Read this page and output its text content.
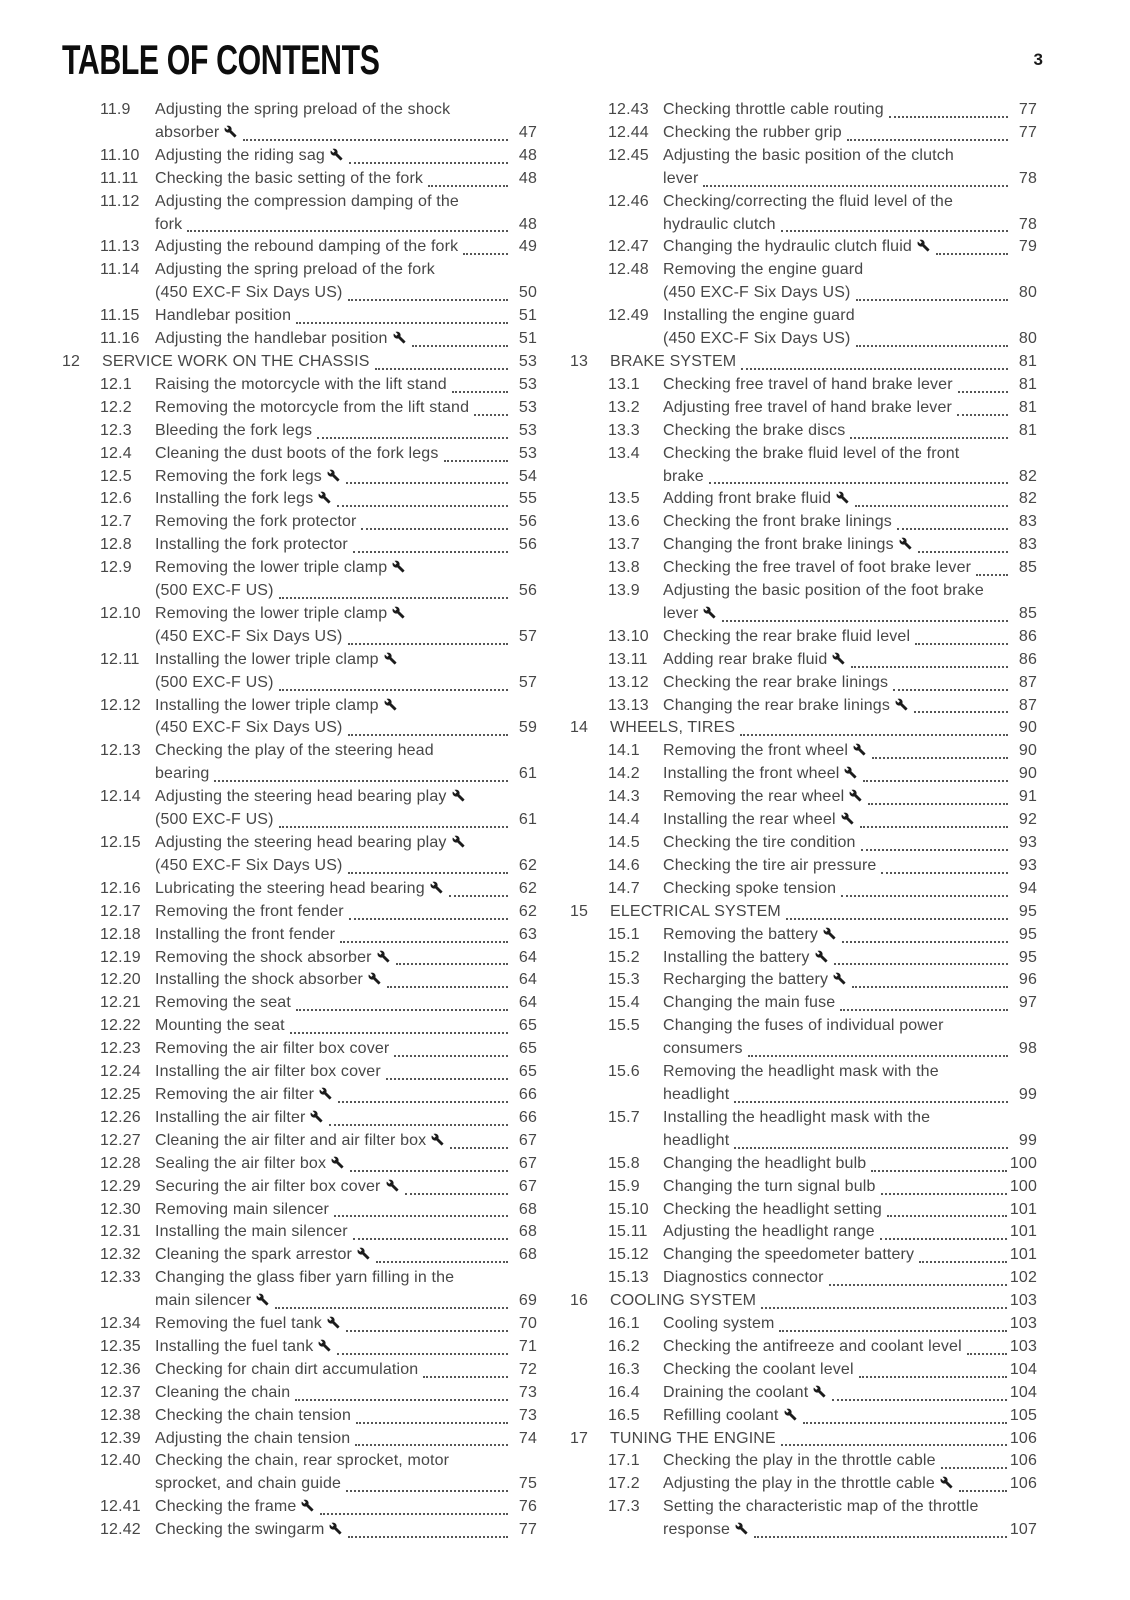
TABLE OF CONTENTS	3
11.9	Adjusting the spring preload of the shock
absorber	47
11.10 Adjusting the riding sag	48
11.11	Checking the basic setting of the fork	48
11.12 Adjusting the compression damping of the
fork	48
11.13 Adjusting the rebound damping of the fork	49
11.14 Adjusting the spring preload of the fork
(450 EXC-F Six Days US)	50
11.15 Handlebar position	51
11.16 Adjusting the handlebar position	51
12	SERVICE WORK ON THE CHASSIS	53
12.1	Raising the motorcycle with the lift stand	53
12.2	Removing the motorcycle from the lift stand	53
12.3	Bleeding the fork legs	53
12.4	Cleaning the dust boots of the fork legs	53
12.5	Removing the fork legs	54
12.6	Installing the fork legs	55
12.7	Removing the fork protector	56
12.8	Installing the fork protector	56
12.9	Removing the lower triple clamp
(500 EXC-F US)	56
12.10 Removing the lower triple clamp
(450 EXC-F Six Days US)	57
12.11 Installing the lower triple clamp
(500 EXC-F US)	57
12.12 Installing the lower triple clamp
(450 EXC-F Six Days US)	59
12.13 Checking the play of the steering head
bearing	61
12.14 Adjusting the steering head bearing play
(500 EXC-F US)	61
12.15 Adjusting the steering head bearing play
(450 EXC-F Six Days US)	62
12.16 Lubricating the steering head bearing	62
12.17 Removing the front fender	62
12.18 Installing the front fender	63
12.19 Removing the shock absorber	64
12.20 Installing the shock absorber	64
12.21 Removing the seat	64
12.22 Mounting the seat	65
12.23 Removing the air filter box cover	65
12.24 Installing the air filter box cover	65
12.25 Removing the air filter	66
12.26 Installing the air filter	66
12.27 Cleaning the air filter and air filter box	67
12.28 Sealing the air filter box	67
12.29 Securing the air filter box cover	67
12.30 Removing main silencer	68
12.31 Installing the main silencer	68
12.32 Cleaning the spark arrestor	68
12.33 Changing the glass fiber yarn filling in the
main silencer	69
12.34 Removing the fuel tank	70
12.35 Installing the fuel tank	71
12.36 Checking for chain dirt accumulation	72
12.37 Cleaning the chain	73
12.38 Checking the chain tension	73
12.39 Adjusting the chain tension	74
12.40 Checking the chain, rear sprocket, motor
sprocket, and chain guide	75
12.41 Checking the frame	76
12.42 Checking the swingarm	77
12.43 Checking throttle cable routing	77
12.44 Checking the rubber grip	77
12.45 Adjusting the basic position of the clutch
lever	78
12.46 Checking/correcting the fluid level of the
hydraulic clutch	78
12.47 Changing the hydraulic clutch fluid	79
12.48 Removing the engine guard
(450 EXC-F Six Days US)	80
12.49 Installing the engine guard
(450 EXC-F Six Days US)	80
13	BRAKE SYSTEM	81
13.1	Checking free travel of hand brake lever	81
13.2	Adjusting free travel of hand brake lever	81
13.3	Checking the brake discs	81
13.4	Checking the brake fluid level of the front
brake	82
13.5	Adding front brake fluid	82
13.6	Checking the front brake linings	83
13.7	Changing the front brake linings	83
13.8	Checking the free travel of foot brake lever	85
13.9	Adjusting the basic position of the foot brake
lever	85
13.10 Checking the rear brake fluid level	86
13.11 Adding rear brake fluid	86
13.12 Checking the rear brake linings	87
13.13 Changing the rear brake linings	87
14	WHEELS, TIRES	90
14.1	Removing the front wheel	90
14.2	Installing the front wheel	90
14.3	Removing the rear wheel	91
14.4	Installing the rear wheel	92
14.5	Checking the tire condition	93
14.6	Checking the tire air pressure	93
14.7	Checking spoke tension	94
15	ELECTRICAL SYSTEM	95
15.1	Removing the battery	95
15.2	Installing the battery	95
15.3	Recharging the battery	96
15.4	Changing the main fuse	97
15.5	Changing the fuses of individual power
consumers	98
15.6	Removing the headlight mask with the
headlight	99
15.7	Installing the headlight mask with the
headlight	99
15.8	Changing the headlight bulb	100
15.9	Changing the turn signal bulb	100
15.10 Checking the headlight setting	101
15.11 Adjusting the headlight range	101
15.12 Changing the speedometer battery	101
15.13 Diagnostics connector	102
16	COOLING SYSTEM	103
16.1	Cooling system	103
16.2	Checking the antifreeze and coolant level	103
16.3	Checking the coolant level	104
16.4	Draining the coolant	104
16.5	Refilling coolant	105
17	TUNING THE ENGINE	106
17.1	Checking the play in the throttle cable	106
17.2	Adjusting the play in the throttle cable	106
17.3	Setting the characteristic map of the throttle
response	107
